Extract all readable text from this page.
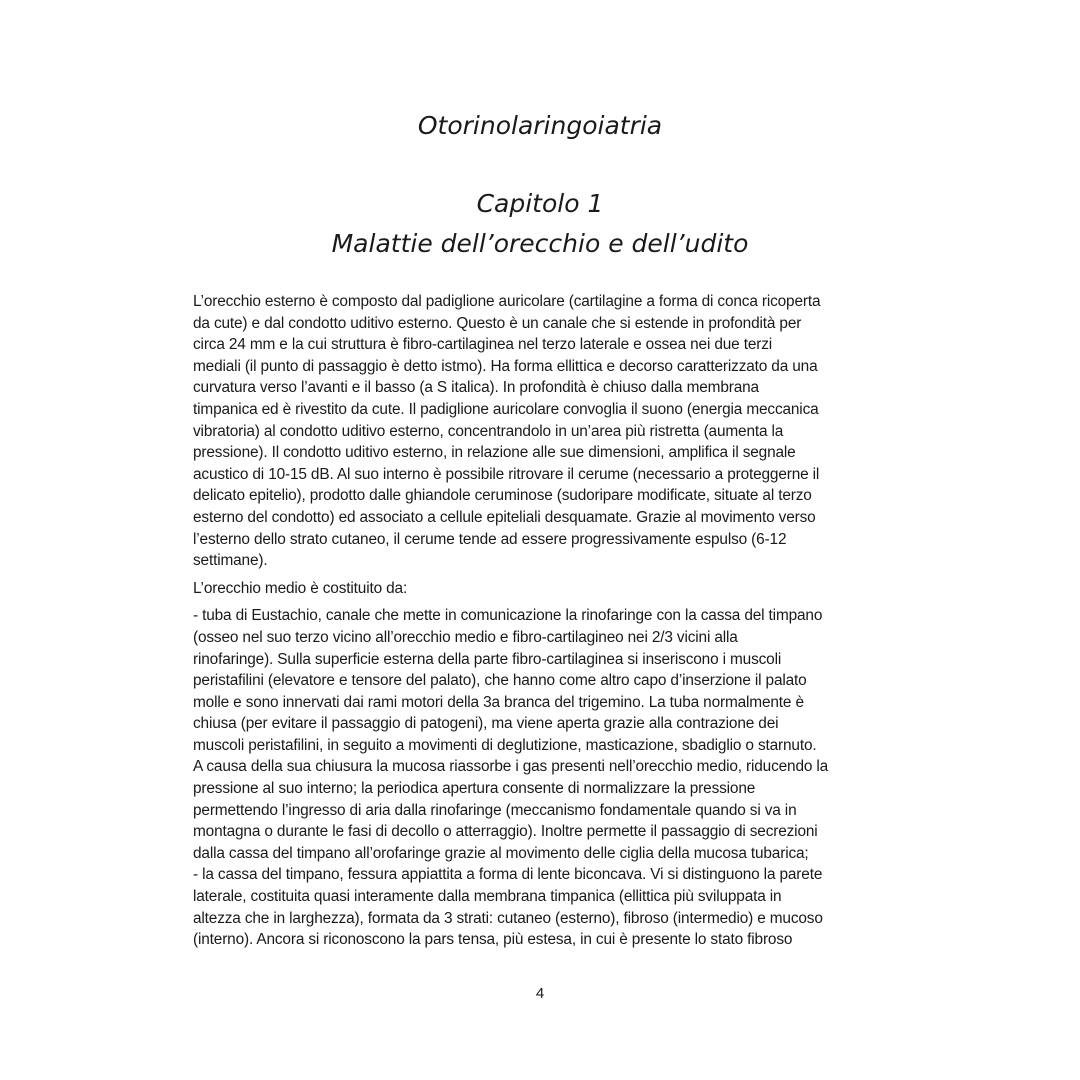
Otorinolaringoiatria
Capitolo 1
Malattie dell’orecchio e dell’udito

L’orecchio esterno è composto dal padiglione auricolare (cartilagine a forma di conca ricoperta
da cute) e dal condotto uditivo esterno. Questo è un canale che si estende in profondità per
circa 24 mm e la cui struttura è fibro-cartilaginea nel terzo laterale e ossea nei due terzi
mediali (il punto di passaggio è detto istmo). Ha forma ellittica e decorso caratterizzato da una
curvatura verso l’avanti e il basso (a S italica). In profondità è chiuso dalla membrana
timpanica ed è rivestito da cute. Il padiglione auricolare convoglia il suono (energia meccanica
vibratoria) al condotto uditivo esterno, concentrandolo in un’area più ristretta (aumenta la
pressione). Il condotto uditivo esterno, in relazione alle sue dimensioni, amplifica il segnale
acustico di 10-15 dB. Al suo interno è possibile ritrovare il cerume (necessario a proteggerne il
delicato epitelio), prodotto dalle ghiandole ceruminose (sudoripare modificate, situate al terzo
esterno del condotto) ed associato a cellule epiteliali desquamate. Grazie al movimento verso
l’esterno dello strato cutaneo, il cerume tende ad essere progressivamente espulso (6-12
settimane).

L’orecchio medio è costituito da:

- tuba di Eustachio, canale che mette in comunicazione la rinofaringe con la cassa del timpano
(osseo nel suo terzo vicino all’orecchio medio e fibro-cartilagineo nei 2/3 vicini alla
rinofaringe). Sulla superficie esterna della parte fibro-cartilaginea si inseriscono i muscoli
peristafilini (elevatore e tensore del palato), che hanno come altro capo d’inserzione il palato
molle e sono innervati dai rami motori della 3a branca del trigemino. La tuba normalmente è
chiusa (per evitare il passaggio di patogeni), ma viene aperta grazie alla contrazione dei
muscoli peristafilini, in seguito a movimenti di deglutizione, masticazione, sbadiglio o starnuto.
A causa della sua chiusura la mucosa riassorbe i gas presenti nell’orecchio medio, riducendo la
pressione al suo interno; la periodica apertura consente di normalizzare la pressione
permettendo l’ingresso di aria dalla rinofaringe (meccanismo fondamentale quando si va in
montagna o durante le fasi di decollo o atterraggio). Inoltre permette il passaggio di secrezioni
dalla cassa del timpano all’orofaringe grazie al movimento delle ciglia della mucosa tubarica;

- la cassa del timpano, fessura appiattita a forma di lente biconcava. Vi si distinguono la parete
laterale, costituita quasi interamente dalla membrana timpanica (ellittica più sviluppata in
altezza che in larghezza), formata da 3 strati: cutaneo (esterno), fibroso (intermedio) e mucoso
(interno). Ancora si riconoscono la pars tensa, più estesa, in cui è presente lo stato fibroso

4
